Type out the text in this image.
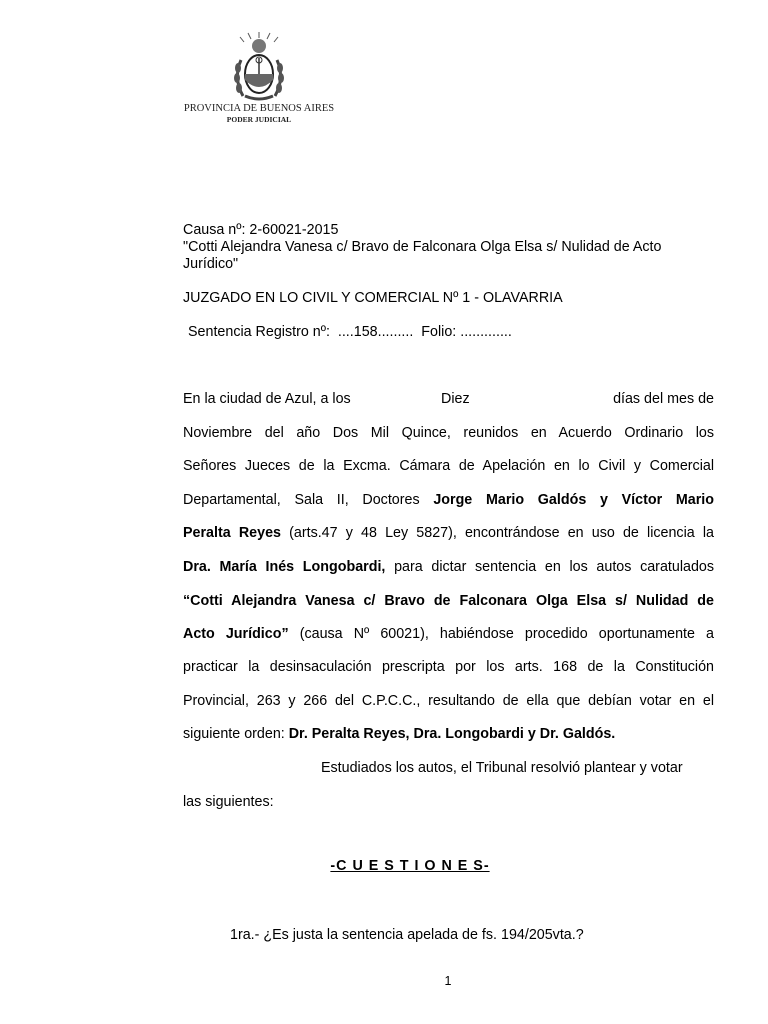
PROVINCIA DE BUENOS AIRES
PODER JUDICIAL
Causa nº: 2-60021-2015
"Cotti Alejandra Vanesa c/ Bravo de Falconara Olga Elsa s/ Nulidad de Acto
Jurídico"
JUZGADO EN LO CIVIL Y COMERCIAL Nº 1 - OLAVARRIA
Sentencia Registro nº:  ....158.........  Folio: .............
En la ciudad de Azul, a los	Diez	días del mes de
Noviembre del año Dos Mil Quince, reunidos en Acuerdo Ordinario los
Señores Jueces de la Excma. Cámara de Apelación en lo Civil y Comercial
Departamental, Sala II, Doctores Jorge Mario Galdós y Víctor Mario
Peralta Reyes (arts.47 y 48 Ley 5827), encontrándose en uso de licencia la
Dra. María Inés Longobardi, para dictar sentencia en los autos caratulados
“Cotti Alejandra Vanesa c/ Bravo de Falconara Olga Elsa s/ Nulidad de
Acto Jurídico” (causa Nº 60021), habiéndose procedido oportunamente a
practicar la desinsaculación prescripta por los arts. 168 de la Constitución
Provincial, 263 y 266 del C.P.C.C., resultando de ella que debían votar en el
siguiente orden: Dr. Peralta Reyes, Dra. Longobardi y Dr. Galdós.
Estudiados los autos, el Tribunal resolvió plantear y votar
las siguientes:
-C U E S T I O N E S-
1ra.- ¿Es justa la sentencia apelada de fs. 194/205vta.?
1
